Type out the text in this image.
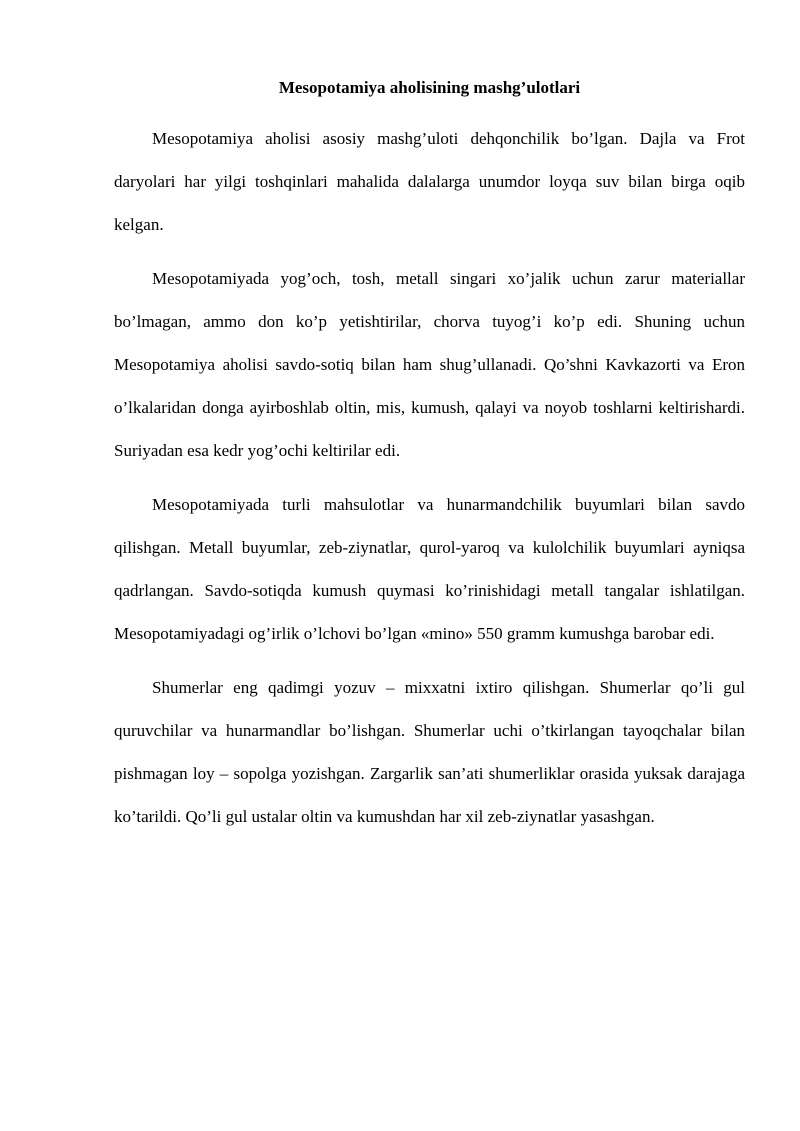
Mesopotamiya aholisining mashg’ulotlari

Mesopotamiya aholisi asosiy mashg’uloti dehqonchilik bo’lgan. Dajla va Frot daryolari har yilgi toshqinlari mahalida dalalarga unumdor loyqa suv bilan birga oqib kelgan.

Mesopotamiyada yog’och, tosh, metall singari xo’jalik uchun zarur materiallar bo’lmagan, ammo don ko’p yetishtirilar, chorva tuyog’i ko’p edi. Shuning uchun Mesopotamiya aholisi savdo-sotiq bilan ham shug’ullanadi. Qo’shni Kavkazorti va Eron o’lkalaridan donga ayirboshlab oltin, mis, kumush, qalayi va noyob toshlarni keltirishardi. Suriyadan esa kedr yog’ochi keltirilar edi.

Mesopotamiyada turli mahsulotlar va hunarmandchilik buyumlari bilan savdo qilishgan. Metall buyumlar, zeb-ziynatlar, qurol-yaroq va kulolchilik buyumlari ayniqsa qadrlangan. Savdo-sotiqda kumush quymasi ko’rinishidagi metall tangalar ishlatilgan. Mesopotamiyadagi og’irlik o’lchovi bo’lgan «mino» 550 gramm kumushga barobar edi.

Shumerlar eng qadimgi yozuv – mixxatni ixtiro qilishgan. Shumerlar qo’li gul quruvchilar va hunarmandlar bo’lishgan. Shumerlar uchi o’tkirlangan tayoqchalar bilan pishmagan loy – sopolga yozishgan. Zargarlik san’ati shumerliklar orasida yuksak darajaga ko’tarildi. Qo’li gul ustalar oltin va kumushdan har xil zeb-ziynatlar yasashgan.
